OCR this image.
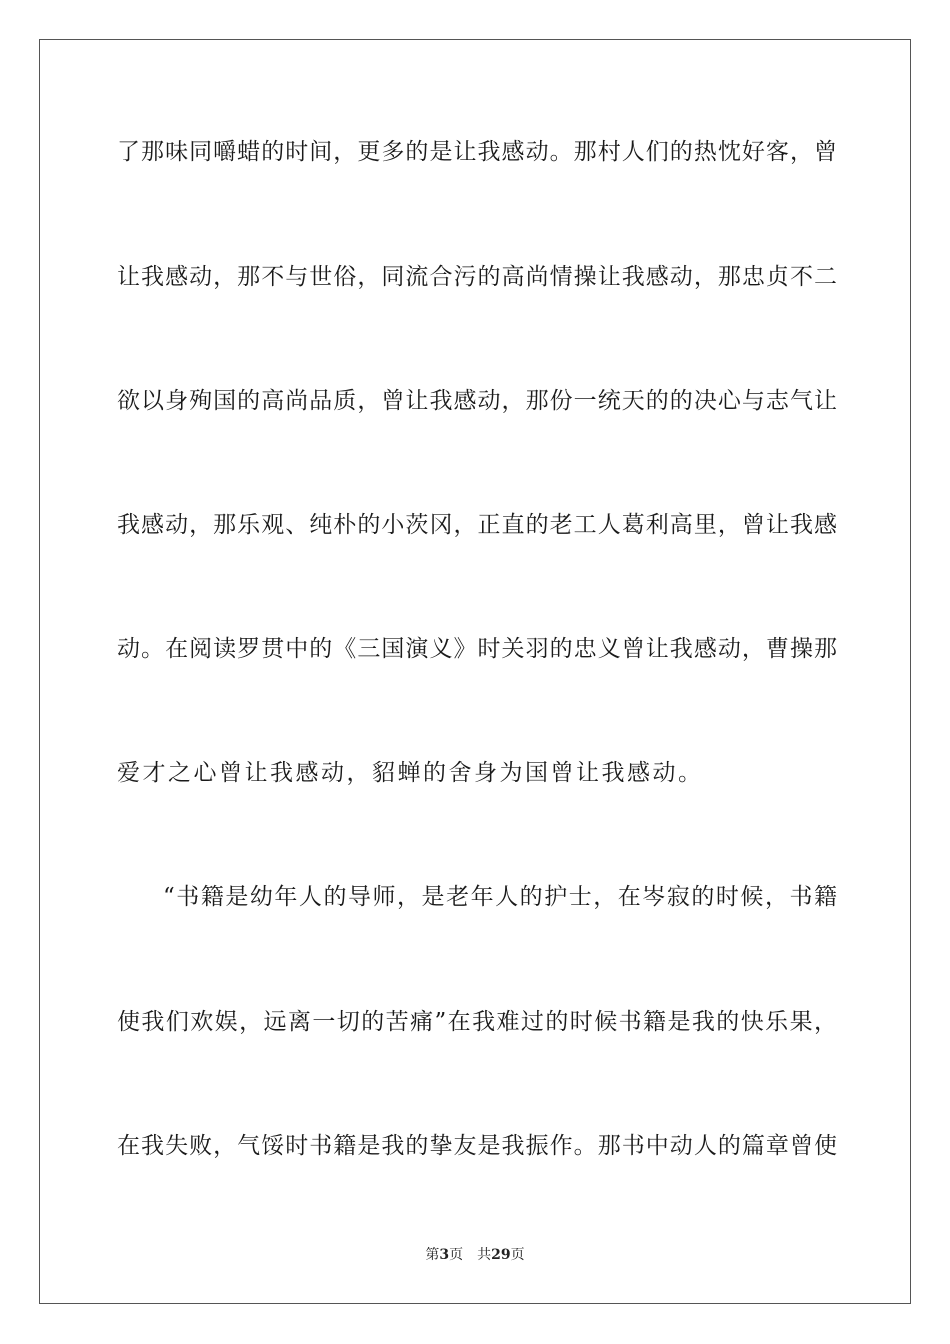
了那味同嚼蜡的时间，更多的是让我感动。那村人们的热忱好客，曾
让我感动，那不与世俗，同流合污的高尚情操让我感动，那忠贞不二
欲以身殉国的高尚品质，曾让我感动，那份一统天的的决心与志气让
我感动，那乐观、纯朴的小茨冈，正直的老工人葛利高里，曾让我感
动。在阅读罗贯中的《三国演义》时关羽的忠义曾让我感动，曹操那
爱才之心曾让我感动，貂蝉的舍身为国曾让我感动。
“书籍是幼年人的导师，是老年人的护士，在岑寂的时候，书籍
使我们欢娱，远离一切的苦痛”在我难过的时候书籍是我的快乐果，
在我失败，气馁时书籍是我的挚友是我振作。那书中动人的篇章曾使
第3页 共29页
